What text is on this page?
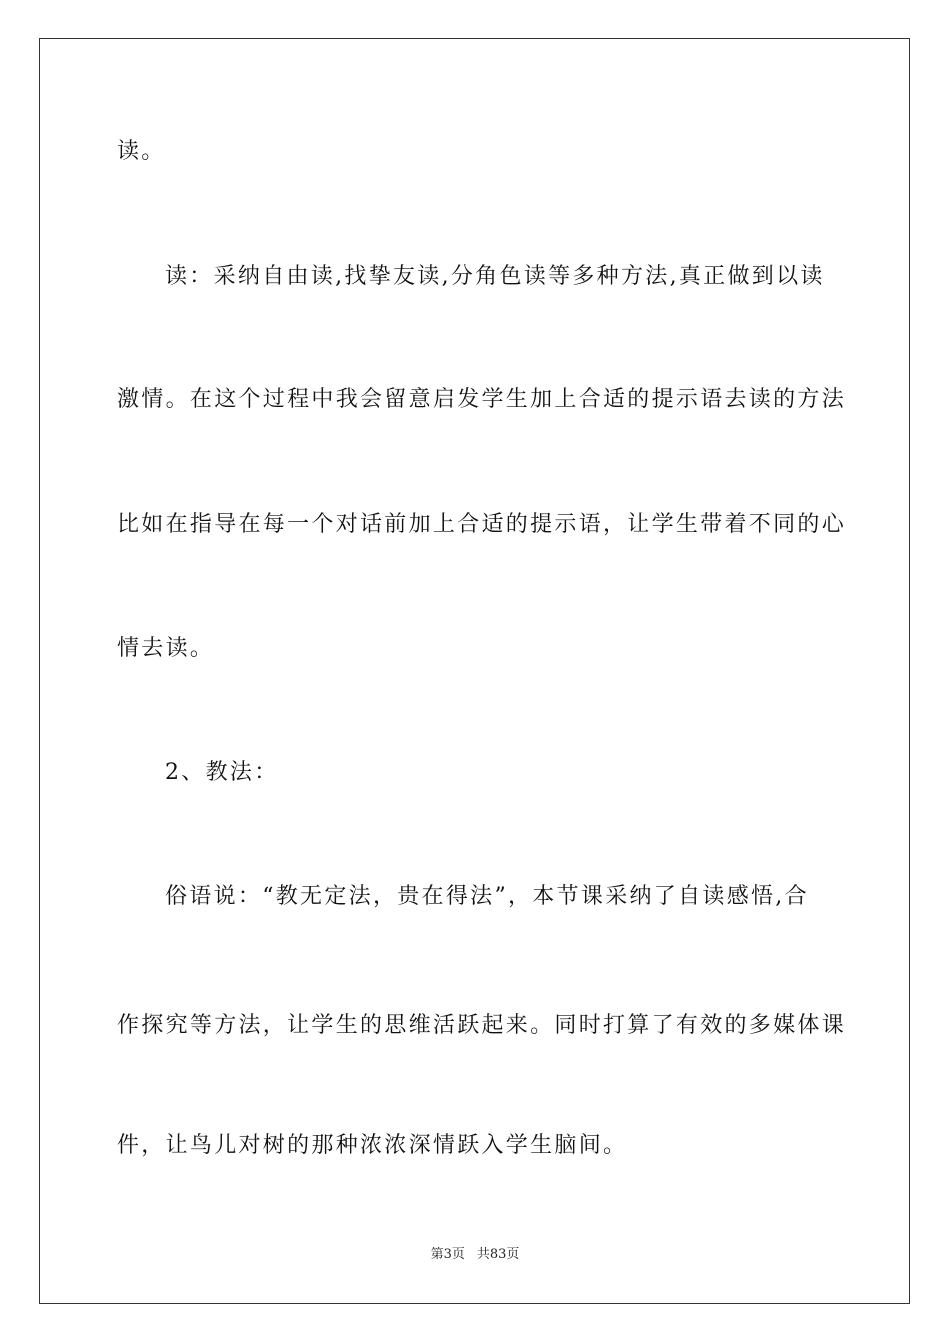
读。
读：采纳自由读,找挚友读,分角色读等多种方法,真正做到以读
激情。在这个过程中我会留意启发学生加上合适的提示语去读的方法
比如在指导在每一个对话前加上合适的提示语，让学生带着不同的心
情去读。
2、教法：
俗语说：“教无定法，贵在得法”，本节课采纳了自读感悟,合
作探究等方法，让学生的思维活跃起来。同时打算了有效的多媒体课
件，让鸟儿对树的那种浓浓深情跃入学生脑间。
第3页 共83页
